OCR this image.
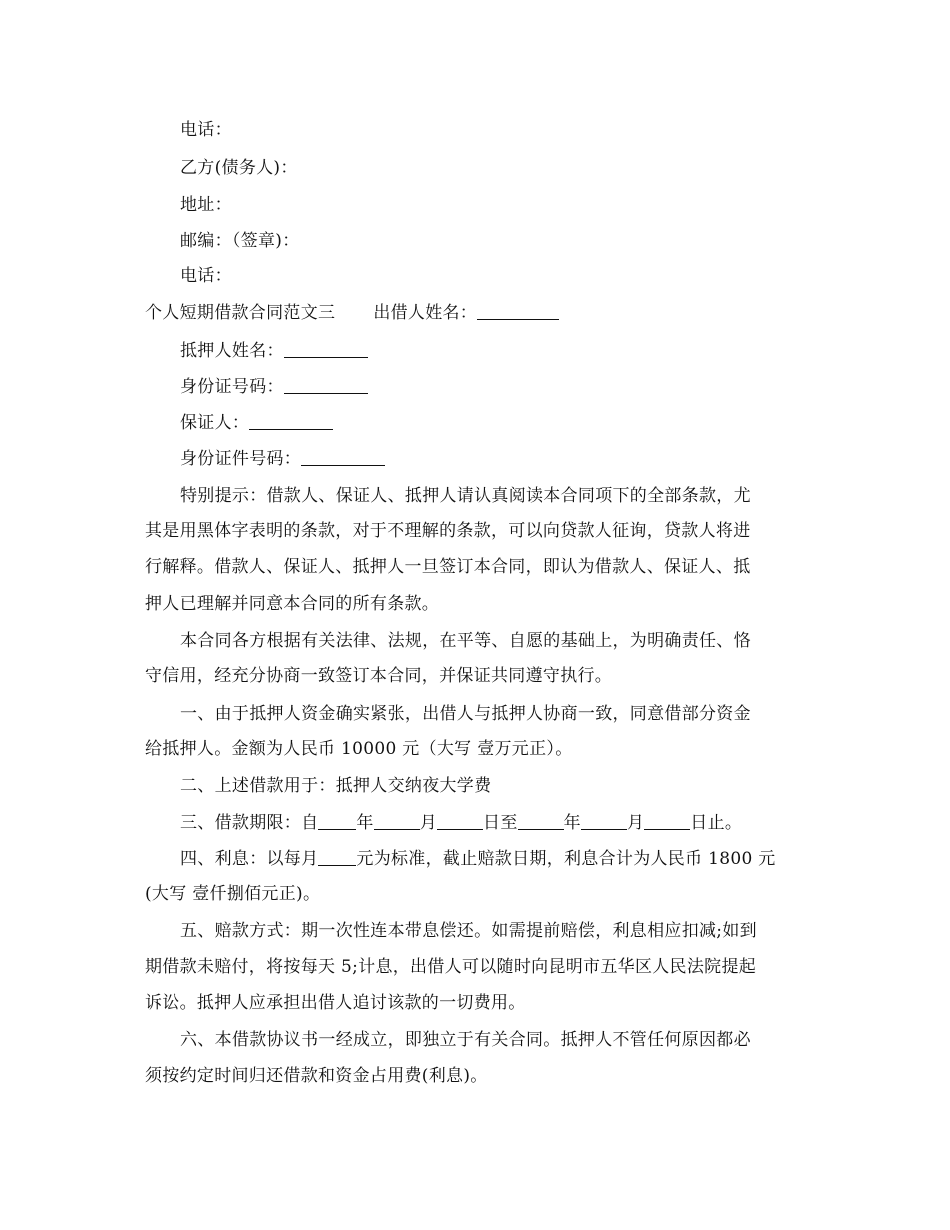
电话：
乙方(债务人)：
地址：
邮编：（签章)：
电话：
个人短期借款合同范文三 出借人姓名：
抵押人姓名：
身份证号码：
保证人：
身份证件号码：
特别提示：借款人、保证人、抵押人请认真阅读本合同项下的全部条款，尤
其是用黑体字表明的条款，对于不理解的条款，可以向贷款人征询，贷款人将进
行解释。借款人、保证人、抵押人一旦签订本合同，即认为借款人、保证人、抵
押人已理解并同意本合同的所有条款。
本合同各方根据有关法律、法规，在平等、自愿的基础上，为明确责任、恪
守信用，经充分协商一致签订本合同，并保证共同遵守执行。
一、由于抵押人资金确实紧张，出借人与抵押人协商一致，同意借部分资金
给抵押人。金额为人民币 10000 元（大写 壹万元正）。
二、上述借款用于：抵押人交纳夜大学费
三、借款期限：自 年	月	日至	年	月	日止。
四、利息：以每月 元为标准，截止赔款日期，利息合计为人民币 1800 元
(大写 壹仟捌佰元正)。
五、赔款方式：期一次性连本带息偿还。如需提前赔偿，利息相应扣减;如到
期借款未赔付，将按每天 5;计息，出借人可以随时向昆明市五华区人民法院提起
诉讼。抵押人应承担出借人追讨该款的一切费用。
六、本借款协议书一经成立，即独立于有关合同。抵押人不管任何原因都必
须按约定时间归还借款和资金占用费(利息)。
